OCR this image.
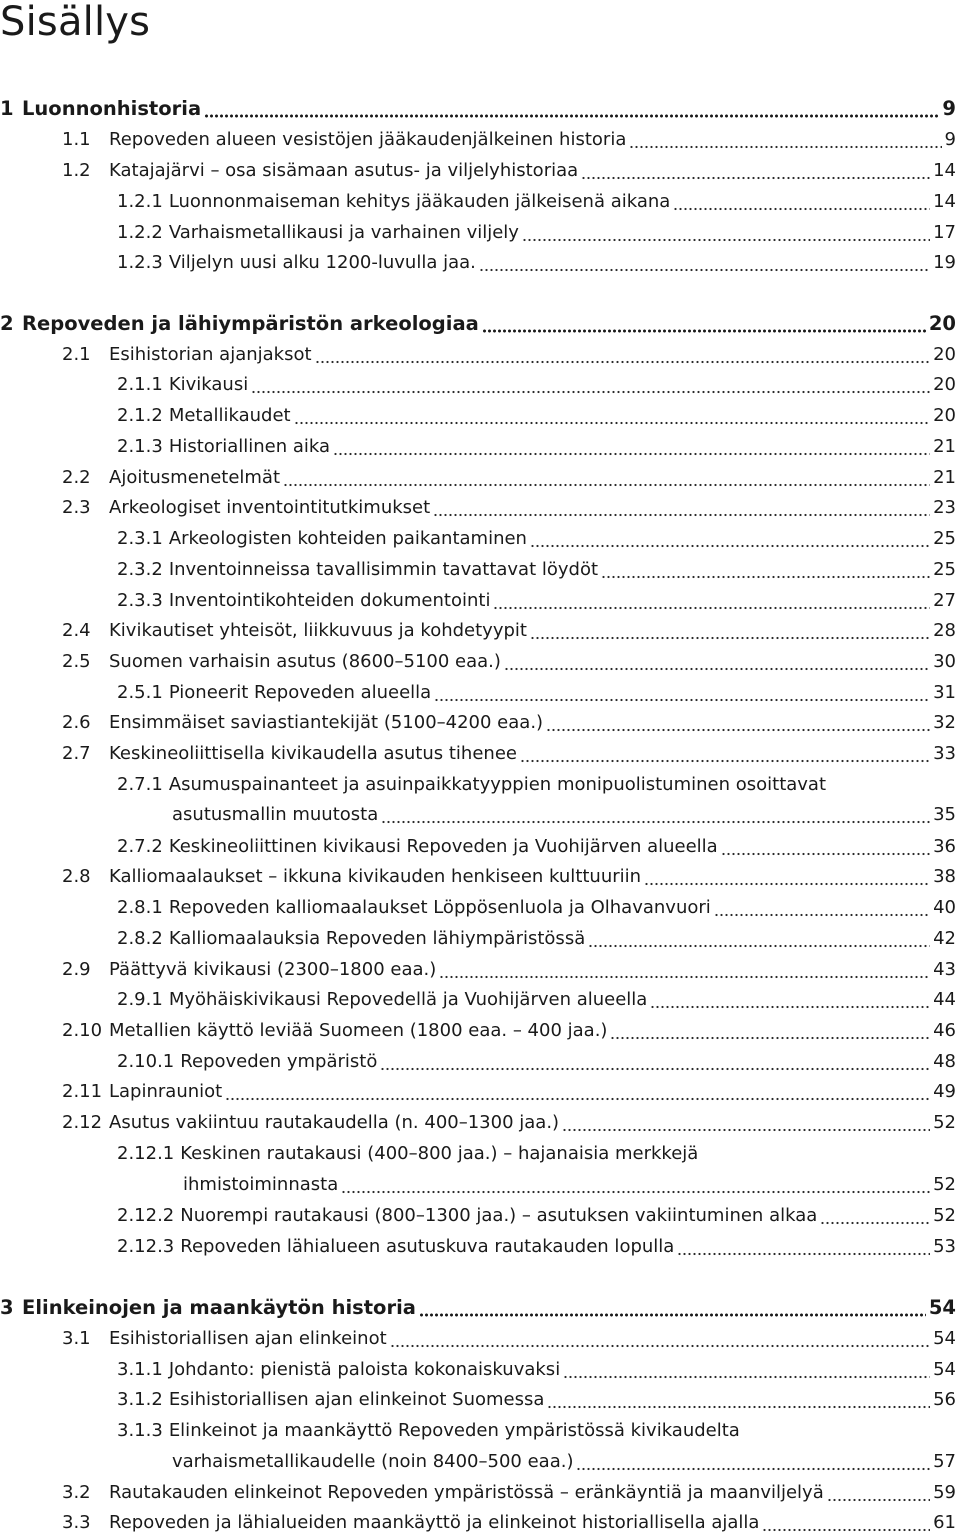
Sisällys
1 Luonnonhistoria	9
1.1 Repoveden alueen vesistöjen jääkaudenjälkeinen historia	9
1.2 Katajajärvi – osa sisämaan asutus- ja viljelyhistoriaa	14
1.2.1 Luonnonmaiseman kehitys jääkauden jälkeisenä aikana	14
1.2.2 Varhaismetallikausi ja varhainen viljely	17
1.2.3 Viljelyn uusi alku 1200-luvulla jaa.	19
2 Repoveden ja lähiympäristön arkeologiaa	20
2.1 Esihistorian ajanjaksot	20
2.1.1 Kivikausi	20
2.1.2 Metallikaudet	20
2.1.3 Historiallinen aika	21
2.2 Ajoitusmenetelmät	21
2.3 Arkeologiset inventointitutkimukset	23
2.3.1 Arkeologisten kohteiden paikantaminen	25
2.3.2 Inventoinneissa tavallisimmin tavattavat löydöt	25
2.3.3 Inventointikohteiden dokumentointi	27
2.4 Kivikautiset yhteisöt, liikkuvuus ja kohdetyypit	28
2.5 Suomen varhaisin asutus (8600–5100 eaa.)	30
2.5.1 Pioneerit Repoveden alueella	31
2.6 Ensimmäiset saviastiantekijät (5100–4200 eaa.)	32
2.7 Keskineoliittisella kivikaudella asutus tihenee	33
2.7.1 Asumuspainanteet ja asuinpaikkatyyppien monipuolistuminen osoittavat
asutusmallin muutosta	35
2.7.2 Keskineoliittinen kivikausi Repoveden ja Vuohijärven alueella	36
2.8 Kalliomaalaukset – ikkuna kivikauden henkiseen kulttuuriin	38
2.8.1 Repoveden kalliomaalaukset Löppösenluola ja Olhavanvuori	40
2.8.2 Kalliomaalauksia Repoveden lähiympäristössä	42
2.9 Päättyvä kivikausi (2300–1800 eaa.)	43
2.9.1 Myöhäiskivikausi Repovedellä ja Vuohijärven alueella	44
2.10 Metallien käyttö leviää Suomeen (1800 eaa. – 400 jaa.)	46
2.10.1 Repoveden ympäristö	48
2.11 Lapinrauniot	49
2.12 Asutus vakiintuu rautakaudella (n. 400–1300 jaa.)	52
2.12.1 Keskinen rautakausi (400–800 jaa.) – hajanaisia merkkejä
ihmistoiminnasta	52
2.12.2 Nuorempi rautakausi (800–1300 jaa.) – asutuksen vakiintuminen alkaa	52
2.12.3 Repoveden lähialueen asutuskuva rautakauden lopulla	53
3 Elinkeinojen ja maankäytön historia	54
3.1 Esihistoriallisen ajan elinkeinot	54
3.1.1 Johdanto: pienistä paloista kokonaiskuvaksi	54
3.1.2 Esihistoriallisen ajan elinkeinot Suomessa	56
3.1.3 Elinkeinot ja maankäyttö Repoveden ympäristössä kivikaudelta
varhaismetallikaudelle (noin 8400–500 eaa.)	57
3.2 Rautakauden elinkeinot Repoveden ympäristössä – eränkäyntiä ja maanviljelyä	59
3.3 Repoveden ja lähialueiden maankäyttö ja elinkeinot historiallisella ajalla	61
